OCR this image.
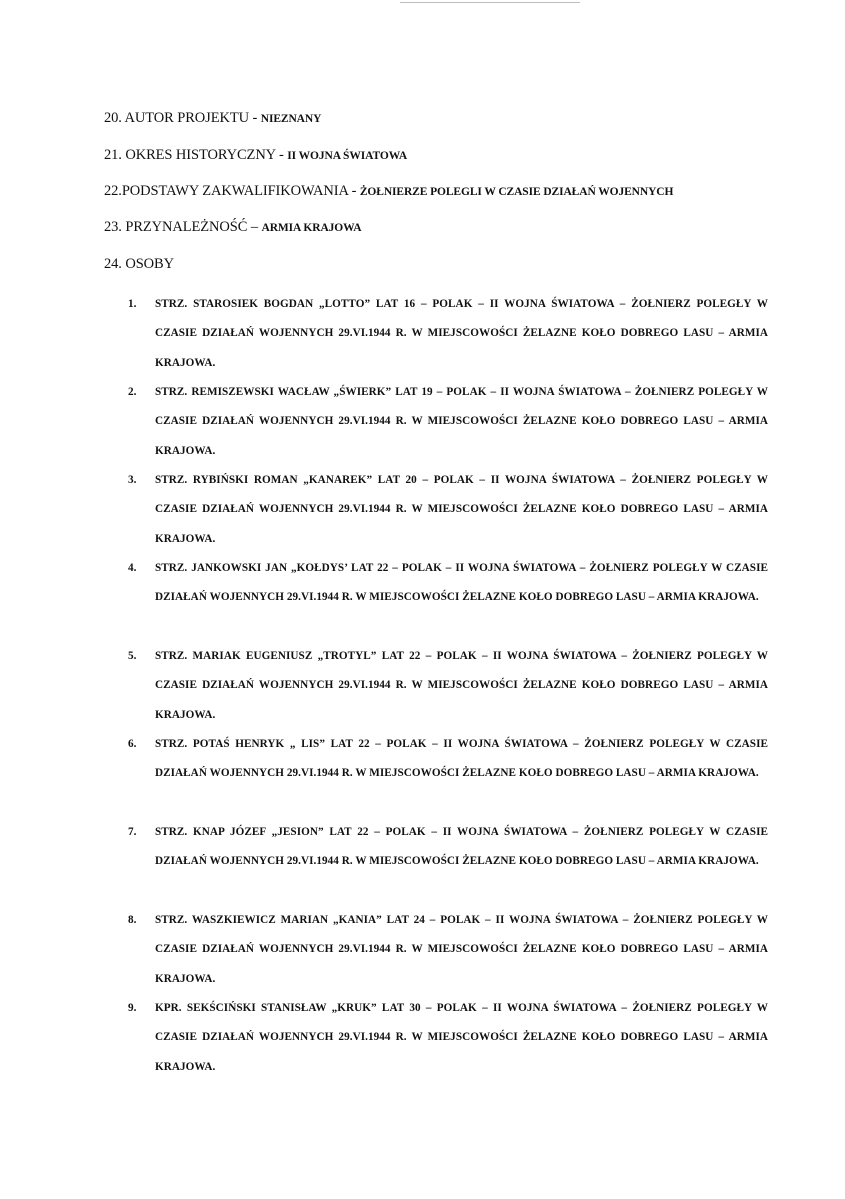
20. AUTOR PROJEKTU - NIEZNANY
21. OKRES HISTORYCZNY - II WOJNA ŚWIATOWA
22.PODSTAWY ZAKWALIFIKOWANIA - ŻOŁNIERZE POLEGLI W CZASIE DZIAŁAŃ WOJENNYCH
23. PRZYNALEŻNOŚĆ – ARMIA KRAJOWA
24. OSOBY
1.	STRZ. STAROSIEK BOGDAN „LOTTO” LAT 16 – POLAK – II WOJNA ŚWIATOWA – ŻOŁNIERZ POLEGŁY W CZASIE DZIAŁAŃ WOJENNYCH 29.VI.1944 R. W MIEJSCOWOŚCI ŻELAZNE KOŁO DOBREGO LASU – ARMIA KRAJOWA.
2.	STRZ. REMISZEWSKI WACŁAW „ŚWIERK” LAT 19 – POLAK – II WOJNA ŚWIATOWA – ŻOŁNIERZ POLEGŁY W CZASIE DZIAŁAŃ WOJENNYCH 29.VI.1944 R. W MIEJSCOWOŚCI ŻELAZNE KOŁO DOBREGO LASU – ARMIA KRAJOWA.
3.	STRZ. RYBIŃSKI ROMAN „KANAREK” LAT 20 – POLAK – II WOJNA ŚWIATOWA – ŻOŁNIERZ POLEGŁY W CZASIE DZIAŁAŃ WOJENNYCH 29.VI.1944 R. W MIEJSCOWOŚCI ŻELAZNE KOŁO DOBREGO LASU – ARMIA KRAJOWA.
4.	STRZ. JANKOWSKI JAN „KOŁDYS’ LAT 22 – POLAK – II WOJNA ŚWIATOWA – ŻOŁNIERZ POLEGŁY W CZASIE DZIAŁAŃ WOJENNYCH 29.VI.1944 R. W MIEJSCOWOŚCI ŻELAZNE KOŁO DOBREGO LASU – ARMIA KRAJOWA.
5.	STRZ. MARIAK EUGENIUSZ „TROTYL” LAT 22 – POLAK – II WOJNA ŚWIATOWA – ŻOŁNIERZ POLEGŁY W CZASIE DZIAŁAŃ WOJENNYCH 29.VI.1944 R. W MIEJSCOWOŚCI ŻELAZNE KOŁO DOBREGO LASU – ARMIA KRAJOWA.
6.	STRZ. POTAŚ HENRYK „ LIS” LAT 22 – POLAK – II WOJNA ŚWIATOWA – ŻOŁNIERZ POLEGŁY W CZASIE DZIAŁAŃ WOJENNYCH 29.VI.1944 R. W MIEJSCOWOŚCI ŻELAZNE KOŁO DOBREGO LASU – ARMIA KRAJOWA.
7.	STRZ. KNAP JÓZEF „JESION” LAT 22 – POLAK – II WOJNA ŚWIATOWA – ŻOŁNIERZ POLEGŁY W CZASIE DZIAŁAŃ WOJENNYCH 29.VI.1944 R. W MIEJSCOWOŚCI ŻELAZNE KOŁO DOBREGO LASU – ARMIA KRAJOWA.
8.	STRZ. WASZKIEWICZ MARIAN „KANIA” LAT 24 – POLAK – II WOJNA ŚWIATOWA – ŻOŁNIERZ POLEGŁY W CZASIE DZIAŁAŃ WOJENNYCH 29.VI.1944 R. W MIEJSCOWOŚCI ŻELAZNE KOŁO DOBREGO LASU – ARMIA KRAJOWA.
9.	KPR. SEKŚCIŃSKI STANISŁAW „KRUK” LAT 30 – POLAK – II WOJNA ŚWIATOWA – ŻOŁNIERZ POLEGŁY W CZASIE DZIAŁAŃ WOJENNYCH 29.VI.1944 R. W MIEJSCOWOŚCI ŻELAZNE KOŁO DOBREGO LASU – ARMIA KRAJOWA.
